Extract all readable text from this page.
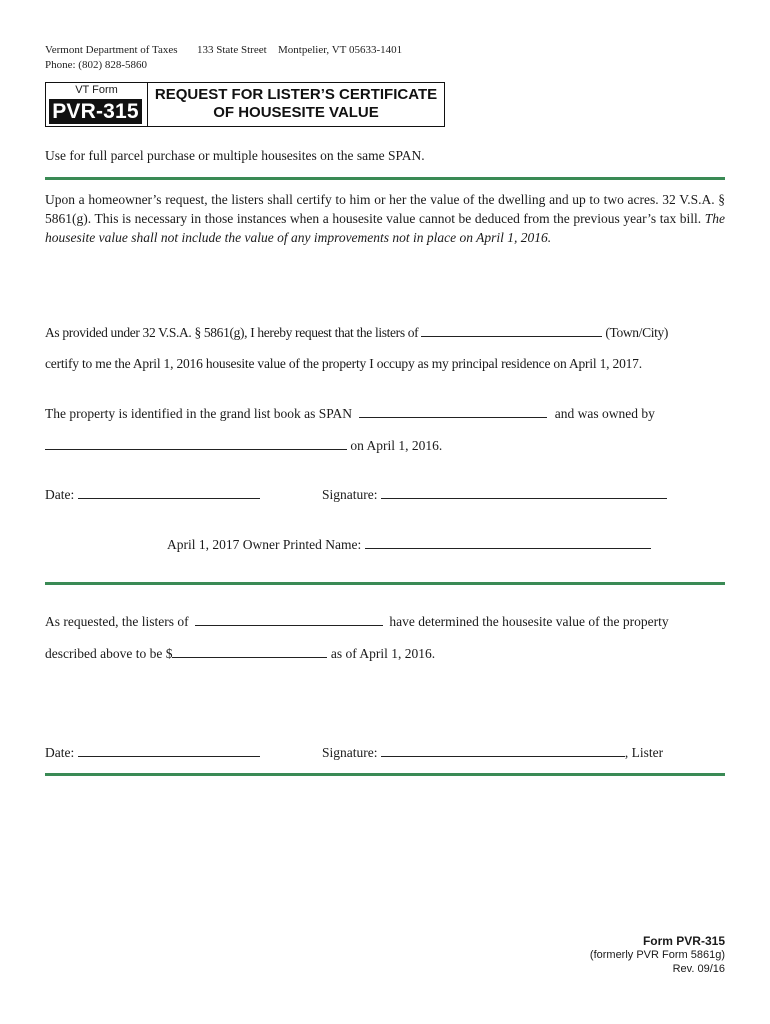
Vermont Department of Taxes 133 State Street Montpelier, VT 05633-1401
Phone: (802) 828-5860
VT Form
PVR-315
REQUEST FOR LISTER’S CERTIFICATE
OF HOUSESITE VALUE
Use for full parcel purchase or multiple housesites on the same SPAN.
Upon a homeowner’s request, the listers shall certify to him or her the value of the dwelling and up to two acres. 32 V.S.A. § 5861(g). This is necessary in those instances when a housesite value cannot be deduced from the previous year’s tax bill. The housesite value shall not include the value of any improvements not in place on April 1, 2016.
As provided under 32 V.S.A. § 5861(g), I hereby request that the listers of	(Town/City)
certify to me the April 1, 2016 housesite value of the property I occupy as my principal residence on April 1, 2017.
The property is identified in the grand list book as SPAN	and was owned by
on April 1, 2016.
Date:	Signature:
April 1, 2017 Owner Printed Name:
As requested, the listers of	have determined the housesite value of the property
described above to be $	as of April 1, 2016.
Date:	Signature:	, Lister
Form PVR-315
(formerly PVR Form 5861g)
Rev. 09/16
